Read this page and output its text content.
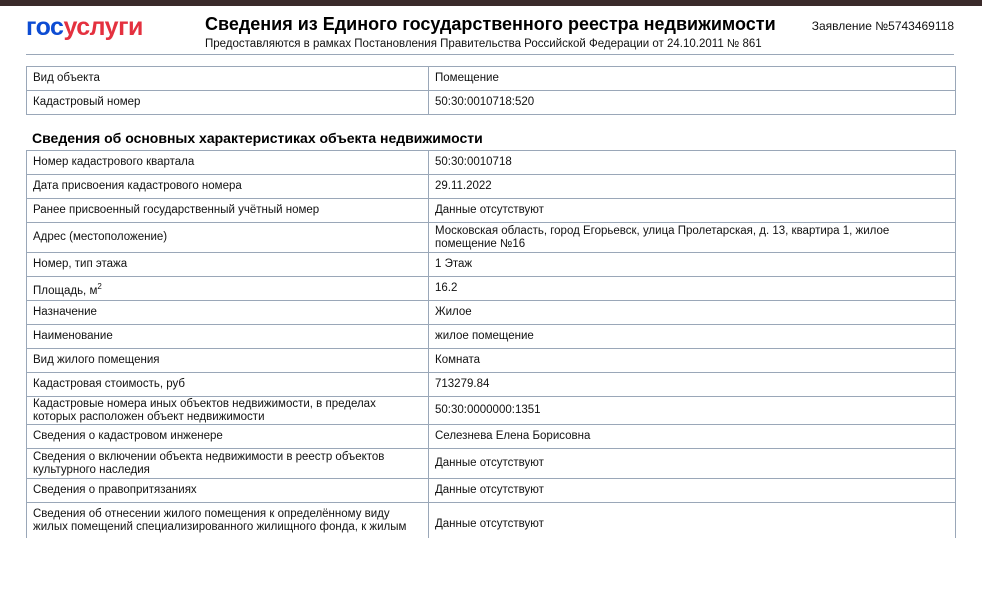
госуслуги	Сведения из Единого государственного реестра недвижимости
Предоставляются в рамках Постановления Правительства Российской Федерации от 24.10.2011 № 861
Заявление №5743469118
Вид объекта	Помещение
Кадастровый номер	50:30:0010718:520
Сведения об основных характеристиках объекта недвижимости
Номер кадастрового квартала	50:30:0010718
Дата присвоения кадастрового номера	29.11.2022
Ранее присвоенный государственный учётный номер	Данные отсутствуют
Адрес (местоположение)	Московская область, город Егорьевск, улица Пролетарская, д. 13, квартира 1, жилое помещение №16
Номер, тип этажа	1 Этаж
Площадь, $м^2$	16.2
Назначение	Жилое
Наименование	жилое помещение
Вид жилого помещения	Комната
Кадастровая стоимость, руб	713279.84
Кадастровые номера иных объектов недвижимости, в пределах которых расположен объект недвижимости	50:30:0000000:1351
Сведения о кадастровом инженере	Селезнева Елена Борисовна
Сведения о включении объекта недвижимости в реестр объектов культурного наследия	Данные отсутствуют
Сведения о правопритязаниях	Данные отсутствуют
Сведения об отнесении жилого помещения к определённому виду жилых помещений специализированного жилищного фонда, к жилым	Данные отсутствуют
